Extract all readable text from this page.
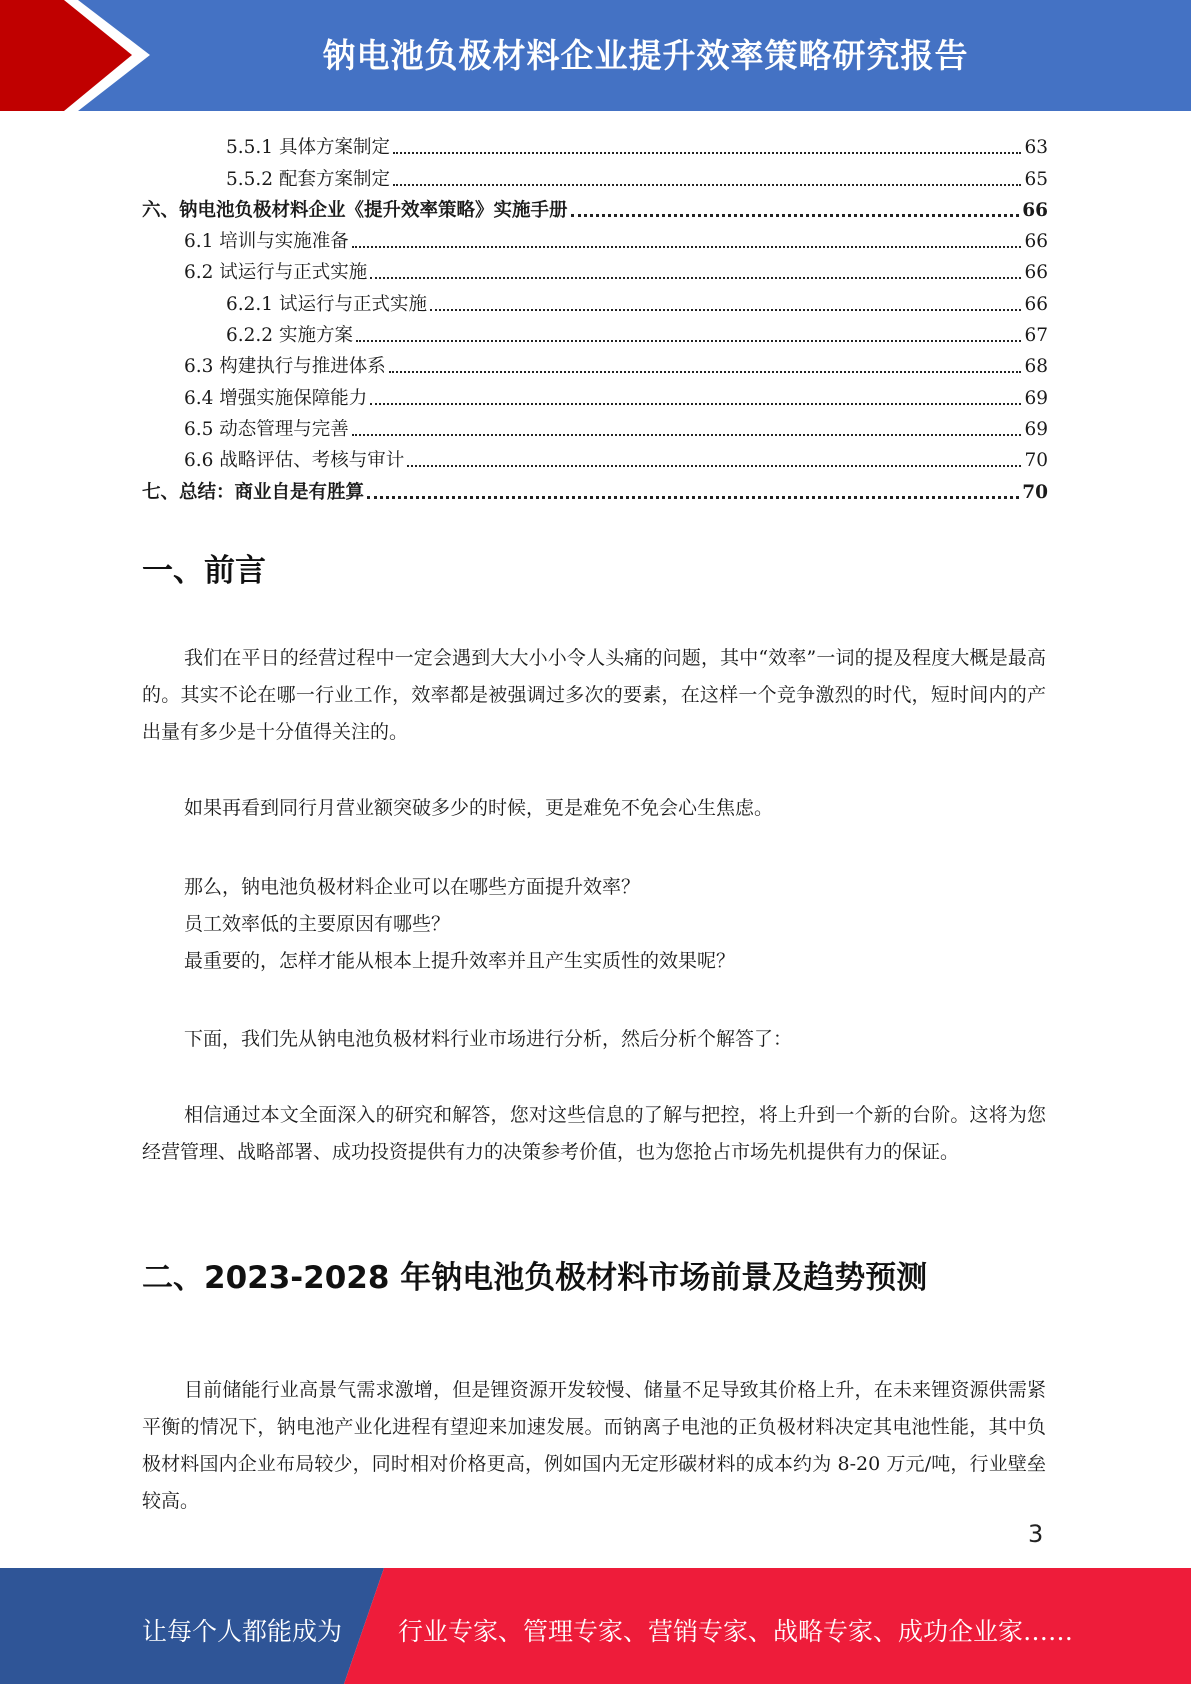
钠电池负极材料企业提升效率策略研究报告
5.5.1 具体方案制定	63
5.5.2 配套方案制定	65
六、钠电池负极材料企业《提升效率策略》实施手册	66
6.1 培训与实施准备	66
6.2 试运行与正式实施	66
6.2.1 试运行与正式实施	66
6.2.2 实施方案	67
6.3 构建执行与推进体系	68
6.4 增强实施保障能力	69
6.5 动态管理与完善	69
6.6 战略评估、考核与审计	70
七、总结：商业自是有胜算	70
一、前言

我们在平日的经营过程中一定会遇到大大小小令人头痛的问题，其中“效率”一词的提及程度大概是最高的。其实不论在哪一行业工作，效率都是被强调过多次的要素，在这样一个竞争激烈的时代，短时间内的产出量有多少是十分值得关注的。

如果再看到同行月营业额突破多少的时候，更是难免不免会心生焦虑。

那么，钠电池负极材料企业可以在哪些方面提升效率？

员工效率低的主要原因有哪些？

最重要的，怎样才能从根本上提升效率并且产生实质性的效果呢？

下面，我们先从钠电池负极材料行业市场进行分析，然后分析个解答了：

相信通过本文全面深入的研究和解答，您对这些信息的了解与把控，将上升到一个新的台阶。这将为您经营管理、战略部署、成功投资提供有力的决策参考价值，也为您抢占市场先机提供有力的保证。

二、2023-2028 年钠电池负极材料市场前景及趋势预测

目前储能行业高景气需求激增，但是锂资源开发较慢、储量不足导致其价格上升，在未来锂资源供需紧平衡的情况下，钠电池产业化进程有望迎来加速发展。而钠离子电池的正负极材料决定其电池性能，其中负极材料国内企业布局较少，同时相对价格更高，例如国内无定形碳材料的成本约为 8-20 万元/吨，行业壁垒较高。

3
让每个人都能成为 行业专家、管理专家、营销专家、战略专家、成功企业家……
